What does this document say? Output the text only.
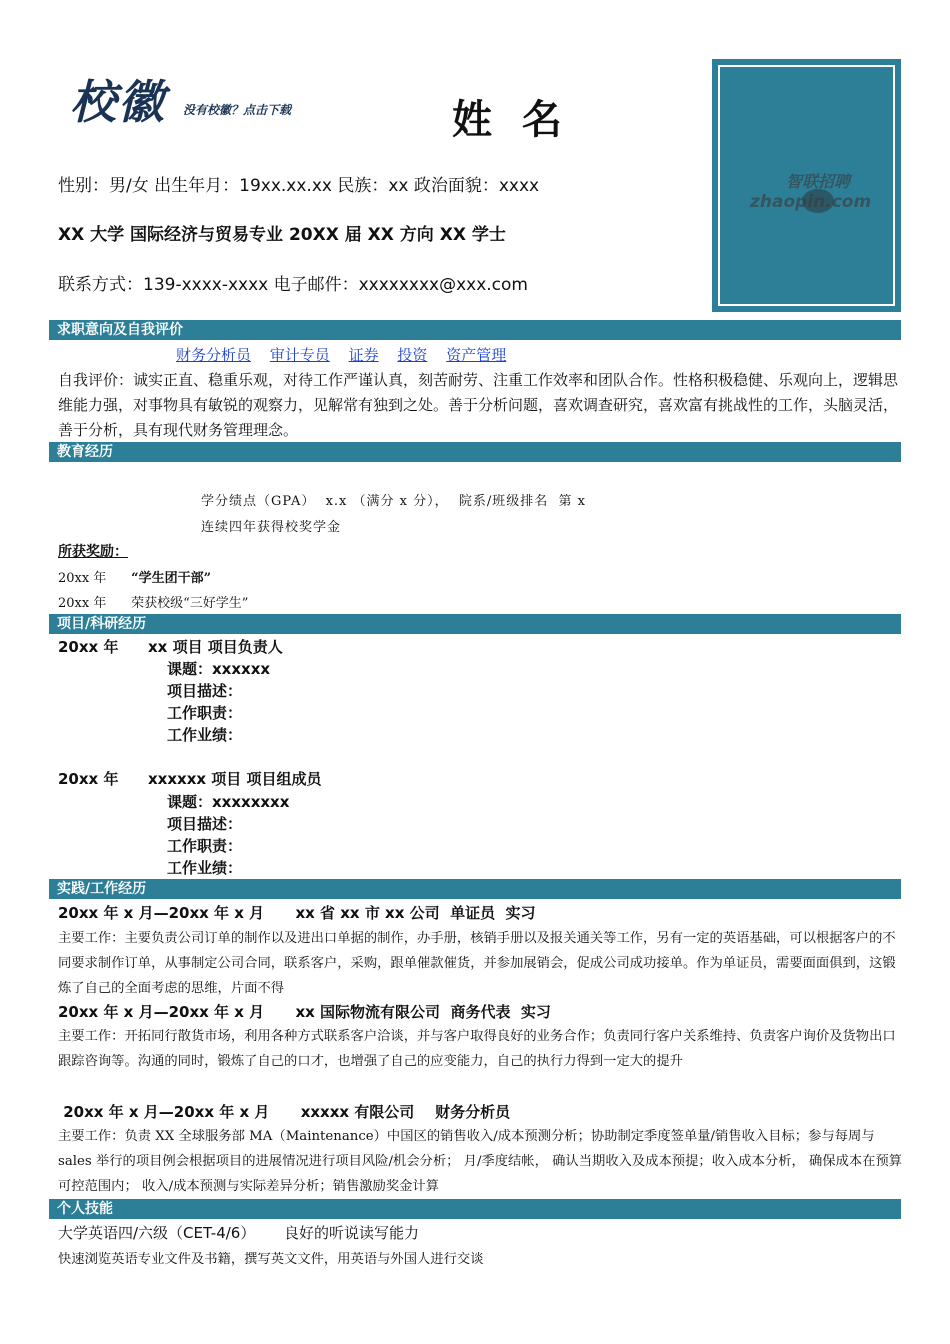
校徽 没有校徽？点击下载	姓 名
性别：男/女 出生年月：19xx.xx.xx 民族：xx 政治面貌：xxxx
XX 大学 国际经济与贸易专业 20XX 届 XX 方向 XX 学士
联系方式：139-xxxx-xxxx 电子邮件：xxxxxxxx@xxx.com
智联招聘
zhaopin.com
求职意向及自我评价
财务分析员 审计专员 证券 投资 资产管理
自我评价：诚实正直、稳重乐观，对待工作严谨认真，刻苦耐劳、注重工作效率和团队合作。性格积极稳健、乐观向上，逻辑思维能力强，对事物具有敏锐的观察力，见解常有独到之处。善于分析问题，喜欢调查研究，喜欢富有挑战性的工作，头脑灵活，善于分析，具有现代财务管理理念。
教育经历
学分绩点（GPA）  x.x （满分 x 分），  院系/班级排名  第 x
连续四年获得校奖学金
所获奖励：
20xx 年 “学生团干部”
20xx 年 荣获校级“三好学生”
项目/科研经历
20xx 年 xx 项目 项目负责人
课题：xxxxxx
项目描述：
工作职责：
工作业绩：
20xx 年 xxxxxx 项目 项目组成员
课题：xxxxxxxx
项目描述：
工作职责：
工作业绩：
实践/工作经历
20xx 年 x 月—20xx 年 x 月      xx 省 xx 市 xx 公司  单证员  实习
主要工作：主要负责公司订单的制作以及进出口单据的制作，办手册，核销手册以及报关通关等工作，另有一定的英语基础，可以根据客户的不同要求制作订单，从事制定公司合同，联系客户，采购，跟单催款催货，并参加展销会，促成公司成功接单。作为单证员，需要面面俱到，这锻炼了自己的全面考虑的思维，片面不得
20xx 年 x 月—20xx 年 x 月      xx 国际物流有限公司  商务代表  实习
主要工作：开拓同行散货市场，利用各种方式联系客户洽谈，并与客户取得良好的业务合作；负责同行客户关系维持、负责客户询价及货物出口跟踪咨询等。沟通的同时，锻炼了自己的口才，也增强了自己的应变能力，自己的执行力得到一定大的提升
20xx 年 x 月—20xx 年 x 月      xxxxx 有限公司    财务分析员
主要工作：负责 XX 全球服务部 MA（Maintenance）中国区的销售收入/成本预测分析；协助制定季度签单量/销售收入目标；参与每周与 sales 举行的项目例会根据项目的进展情况进行项目风险/机会分析； 月/季度结帐， 确认当期收入及成本预提；收入成本分析， 确保成本在预算可控范围内； 收入/成本预测与实际差异分析；销售激励奖金计算
个人技能
大学英语四/六级（CET-4/6）      良好的听说读写能力
快速浏览英语专业文件及书籍，撰写英文文件，用英语与外国人进行交谈
